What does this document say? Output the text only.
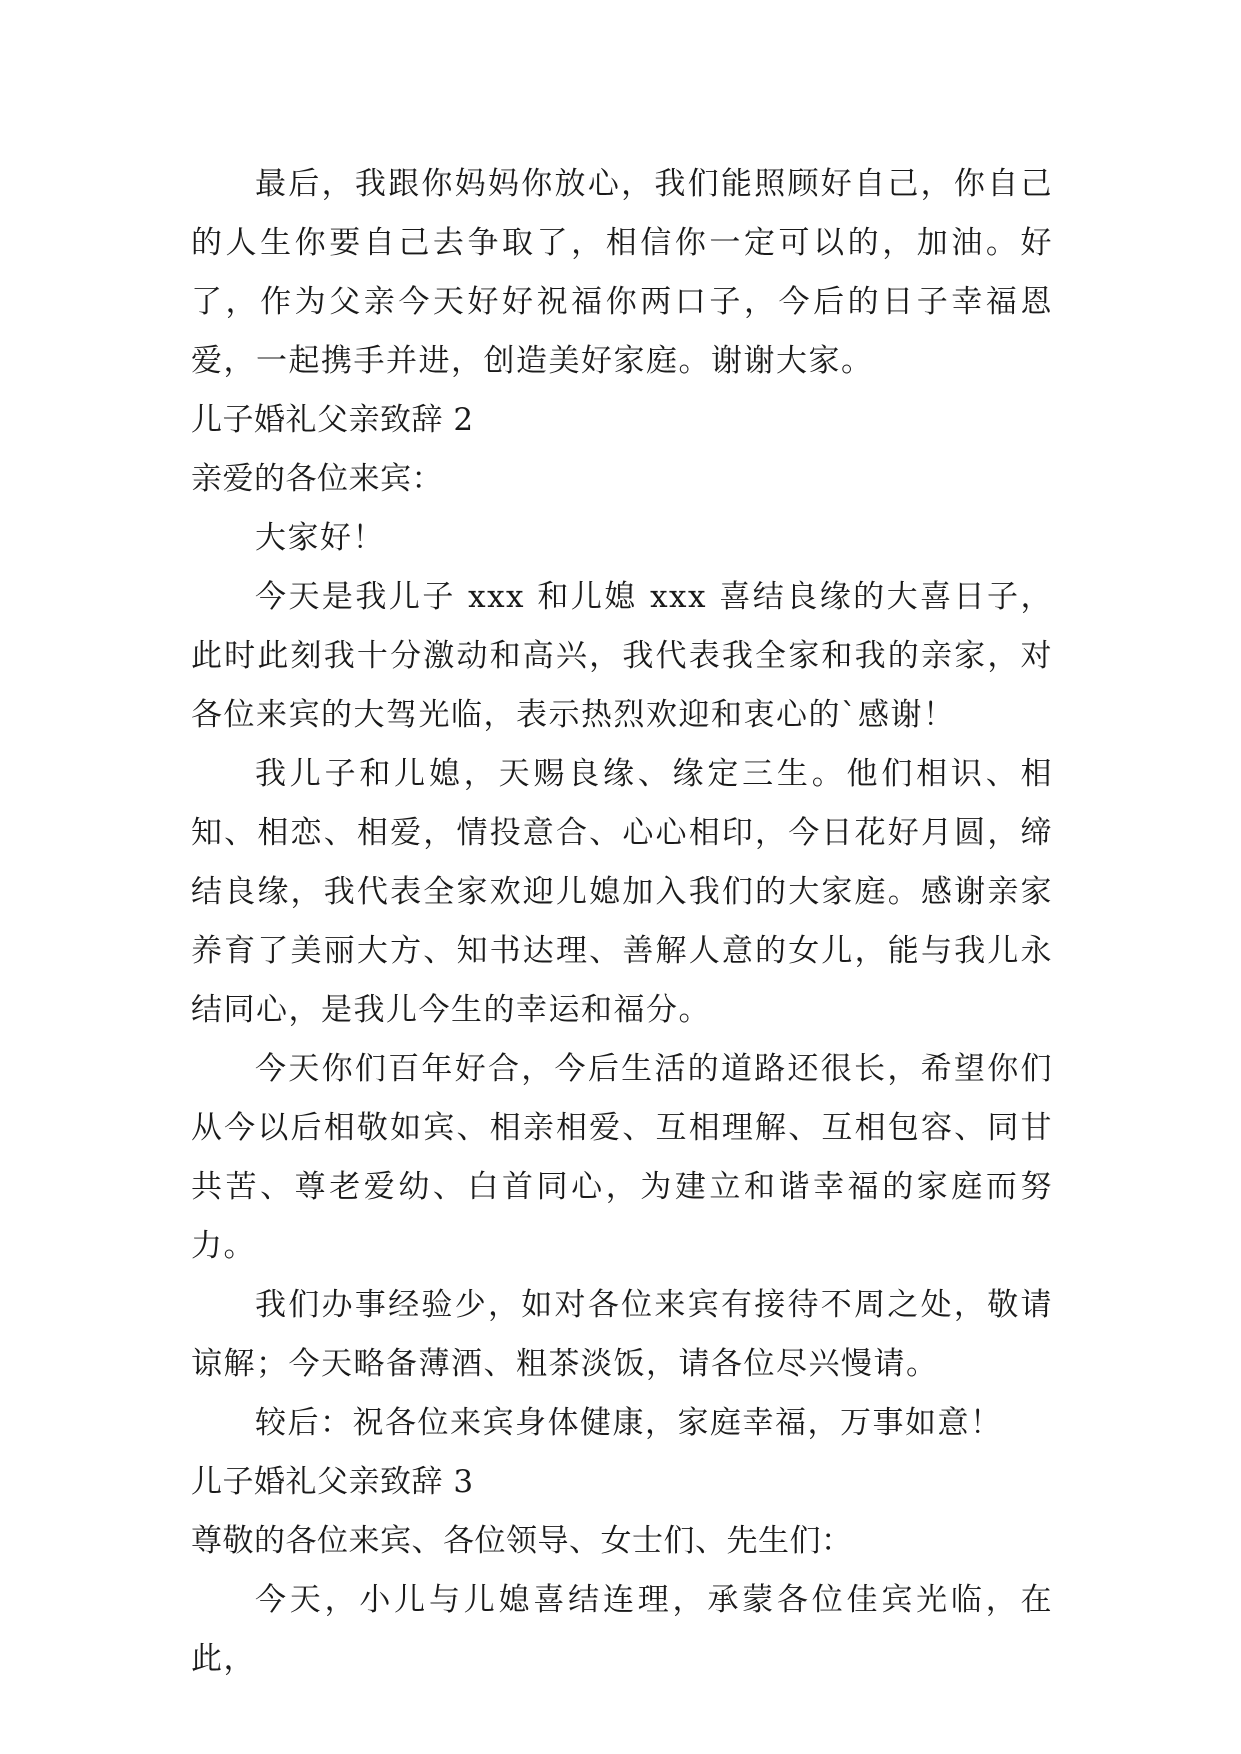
最后，我跟你妈妈你放心，我们能照顾好自己，你自己的人生你要自己去争取了，相信你一定可以的，加油。好了，作为父亲今天好好祝福你两口子，今后的日子幸福恩爱，一起携手并进，创造美好家庭。谢谢大家。

儿子婚礼父亲致辞 2

亲爱的各位来宾：

大家好！

今天是我儿子 xxx 和儿媳 xxx 喜结良缘的大喜日子，此时此刻我十分激动和高兴，我代表我全家和我的亲家，对各位来宾的大驾光临，表示热烈欢迎和衷心的`感谢！

我儿子和儿媳，天赐良缘、缘定三生。他们相识、相知、相恋、相爱，情投意合、心心相印，今日花好月圆，缔结良缘，我代表全家欢迎儿媳加入我们的大家庭。感谢亲家养育了美丽大方、知书达理、善解人意的女儿，能与我儿永结同心，是我儿今生的幸运和福分。

今天你们百年好合，今后生活的道路还很长，希望你们从今以后相敬如宾、相亲相爱、互相理解、互相包容、同甘共苦、尊老爱幼、白首同心，为建立和谐幸福的家庭而努力。

我们办事经验少，如对各位来宾有接待不周之处，敬请谅解；今天略备薄酒、粗茶淡饭，请各位尽兴慢请。

较后：祝各位来宾身体健康，家庭幸福，万事如意！

儿子婚礼父亲致辞 3

尊敬的各位来宾、各位领导、女士们、先生们：

今天，小儿与儿媳喜结连理，承蒙各位佳宾光临，在此，
